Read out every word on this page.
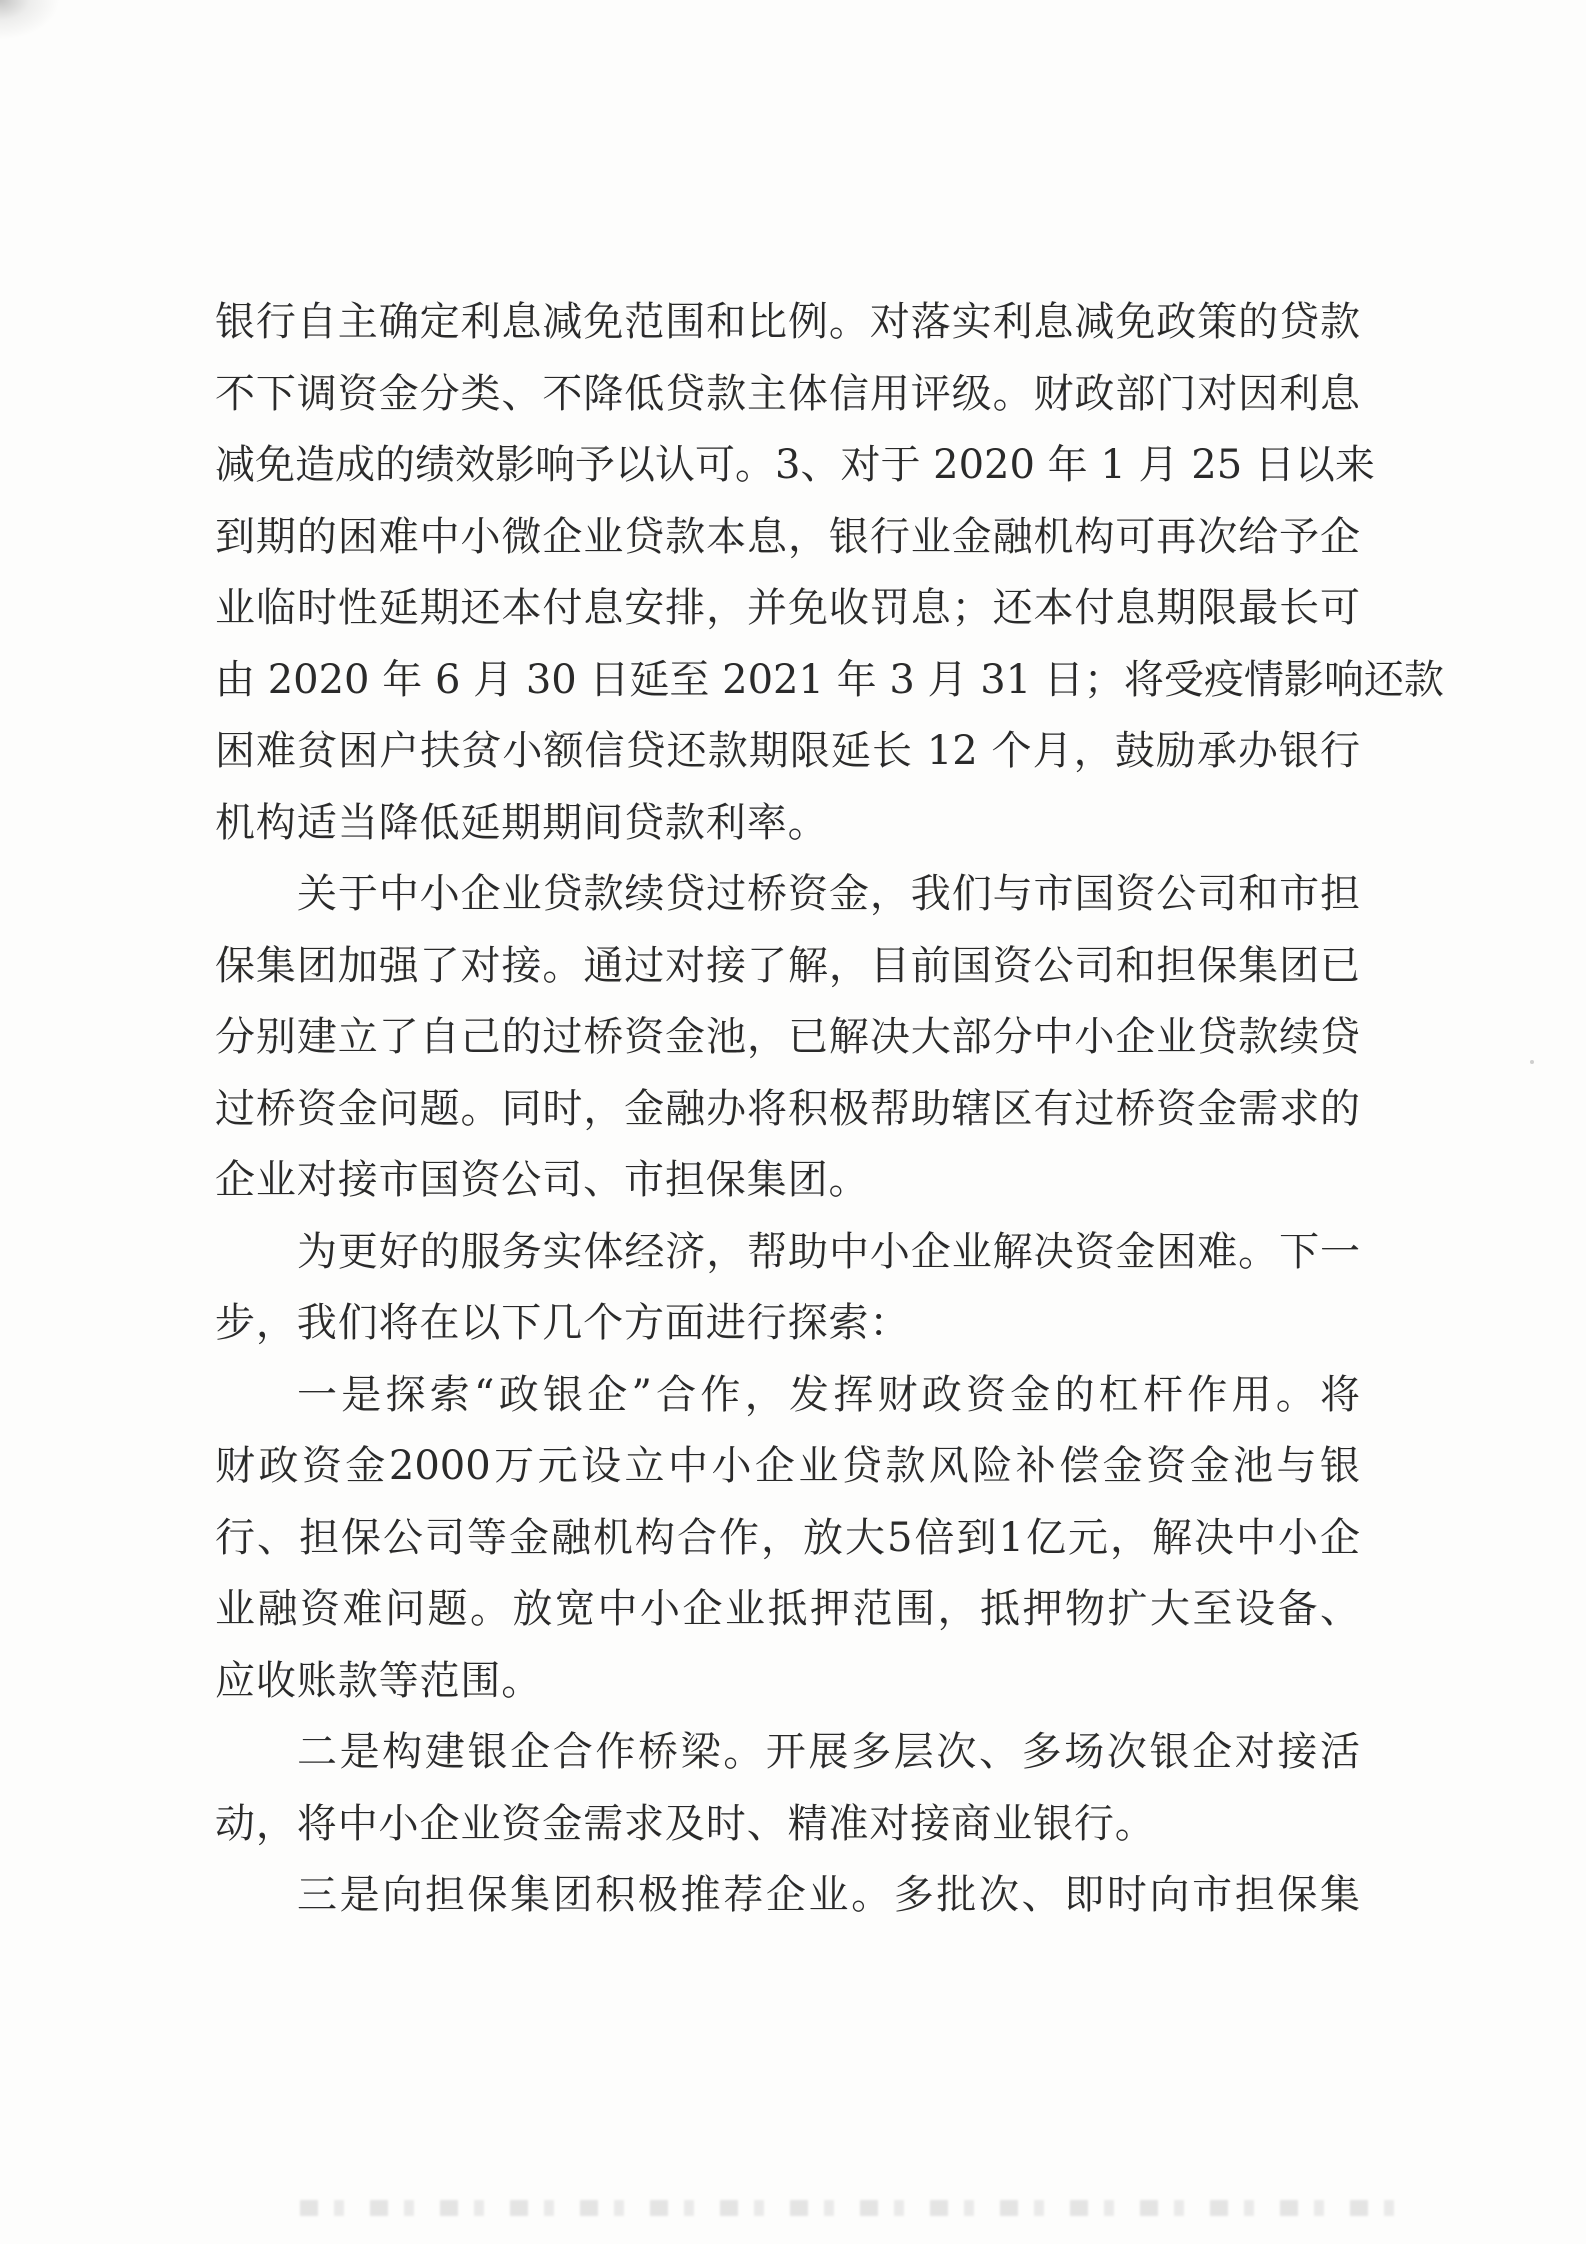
银行自主确定利息减免范围和比例。对落实利息减免政策的贷款
不下调资金分类、不降低贷款主体信用评级。财政部门对因利息
减免造成的绩效影响予以认可。3、对于 2020 年 1 月 25 日以来
到期的困难中小微企业贷款本息，银行业金融机构可再次给予企
业临时性延期还本付息安排，并免收罚息；还本付息期限最长可
由 2020 年 6 月 30 日延至 2021 年 3 月 31 日；将受疫情影响还款
困难贫困户扶贫小额信贷还款期限延长 12 个月，鼓励承办银行
机构适当降低延期期间贷款利率。
关于中小企业贷款续贷过桥资金，我们与市国资公司和市担
保集团加强了对接。通过对接了解，目前国资公司和担保集团已
分别建立了自己的过桥资金池，已解决大部分中小企业贷款续贷
过桥资金问题。同时，金融办将积极帮助辖区有过桥资金需求的
企业对接市国资公司、市担保集团。
为更好的服务实体经济，帮助中小企业解决资金困难。下一
步，我们将在以下几个方面进行探索：
一是探索“政银企”合作，发挥财政资金的杠杆作用。将
财政资金2000万元设立中小企业贷款风险补偿金资金池与银
行、担保公司等金融机构合作，放大5倍到1亿元，解决中小企
业融资难问题。放宽中小企业抵押范围，抵押物扩大至设备、
应收账款等范围。
二是构建银企合作桥梁。开展多层次、多场次银企对接活
动，将中小企业资金需求及时、精准对接商业银行。
三是向担保集团积极推荐企业。多批次、即时向市担保集
